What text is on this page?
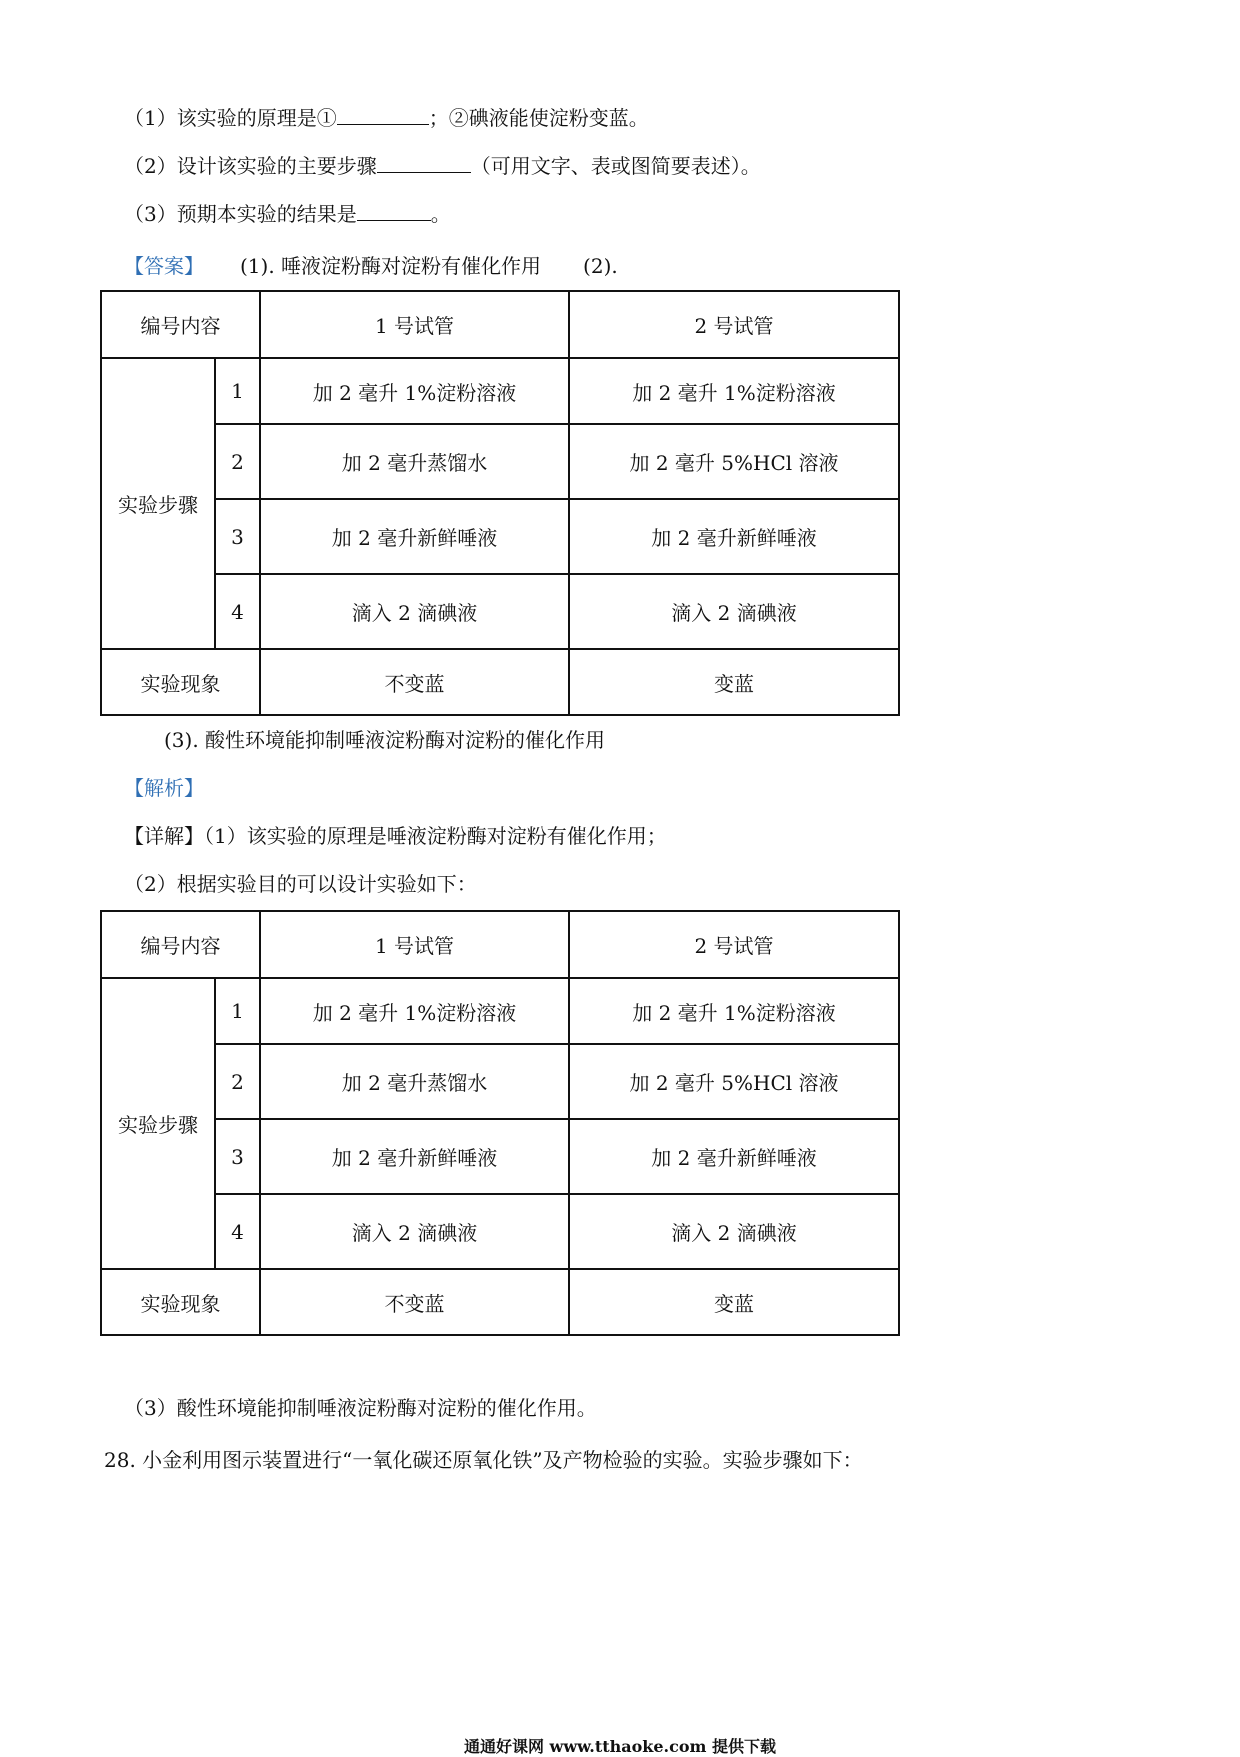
（1）该实验的原理是①	；②碘液能使淀粉变蓝。
（2）设计该实验的主要步骤	（可用文字、表或图简要表述）。
（3）预期本实验的结果是	。
【答案】 (1). 唾液淀粉酶对淀粉有催化作用 (2).
编号内容		1 号试管	2 号试管
实验步骤	1	加 2 毫升 1%淀粉溶液	加 2 毫升 1%淀粉溶液
	2	加 2 毫升蒸馏水	加 2 毫升 5%HCl 溶液
	3	加 2 毫升新鲜唾液	加 2 毫升新鲜唾液
	4	滴入 2 滴碘液	滴入 2 滴碘液
实验现象		不变蓝	变蓝
(3). 酸性环境能抑制唾液淀粉酶对淀粉的催化作用
【解析】
【详解】（1）该实验的原理是唾液淀粉酶对淀粉有催化作用；
（2）根据实验目的可以设计实验如下：
编号内容		1 号试管	2 号试管
实验步骤	1	加 2 毫升 1%淀粉溶液	加 2 毫升 1%淀粉溶液
	2	加 2 毫升蒸馏水	加 2 毫升 5%HCl 溶液
	3	加 2 毫升新鲜唾液	加 2 毫升新鲜唾液
	4	滴入 2 滴碘液	滴入 2 滴碘液
实验现象		不变蓝	变蓝
（3）酸性环境能抑制唾液淀粉酶对淀粉的催化作用。
28. 小金利用图示装置进行“一氧化碳还原氧化铁”及产物检验的实验。实验步骤如下：
通通好课网 www.tthaoke.com 提供下载
